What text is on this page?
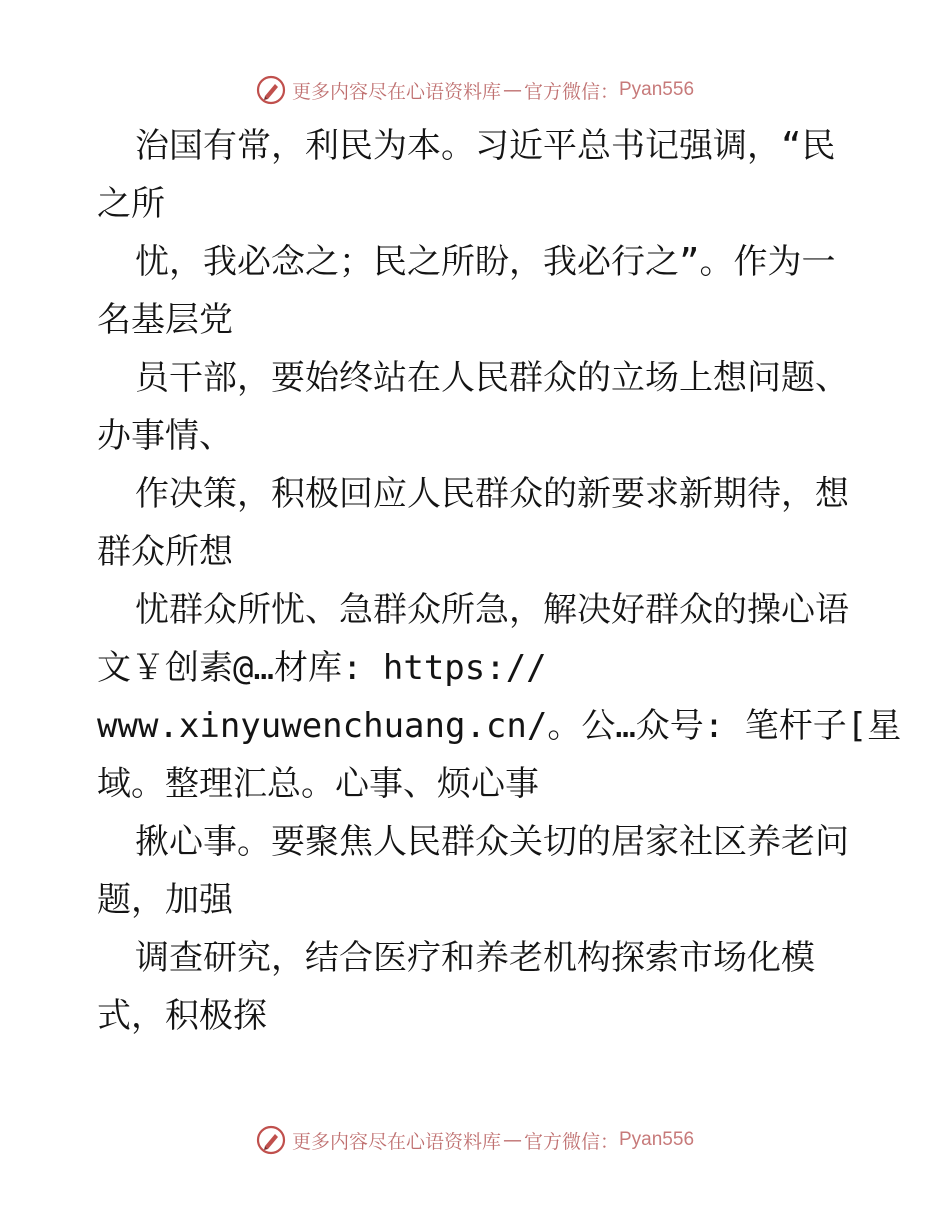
更多内容尽在心语资料库 — 官方微信： Pyan556
治国有常，利民为本。习近平总书记强调，“民
之所
忧，我必念之；民之所盼，我必行之”。作为一
名基层党
员干部，要始终站在人民群众的立场上想问题、
办事情、
作决策，积极回应人民群众的新要求新期待，想
群众所想
忧群众所忧、急群众所急，解决好群众的操心语
文￥创素@…材库: https://
www.xinyuwenchuang.cn/。公…众号: 笔杆子[星
域。整理汇总。心事、烦心事
揪心事。要聚焦人民群众关切的居家社区养老问
题，加强
调查研究，结合医疗和养老机构探索市场化模
式，积极探
更多内容尽在心语资料库 — 官方微信： Pyan556
